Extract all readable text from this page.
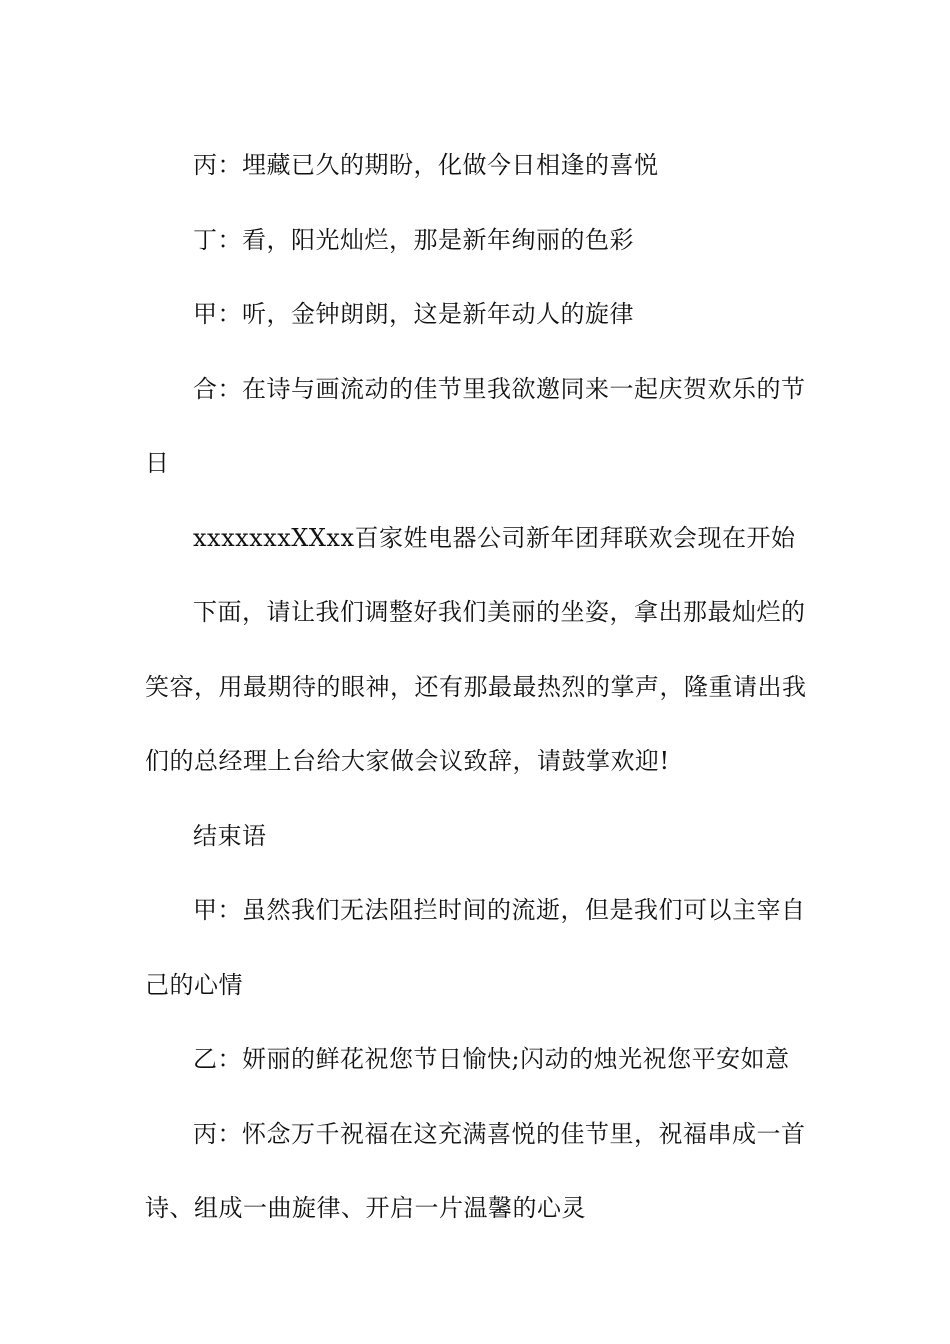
丙：埋藏已久的期盼，化做今日相逢的喜悦

丁：看，阳光灿烂，那是新年绚丽的色彩

甲：听，金钟朗朗，这是新年动人的旋律

合：在诗与画流动的佳节里我欲邀同来一起庆贺欢乐的节日

xxxxxxxXXxx百家姓电器公司新年团拜联欢会现在开始

下面，请让我们调整好我们美丽的坐姿，拿出那最灿烂的笑容，用最期待的眼神，还有那最最热烈的掌声，隆重请出我们的总经理上台给大家做会议致辞，请鼓掌欢迎!

结束语

甲：虽然我们无法阻拦时间的流逝，但是我们可以主宰自己的心情

乙：妍丽的鲜花祝您节日愉快;闪动的烛光祝您平安如意

丙：怀念万千祝福在这充满喜悦的佳节里，祝福串成一首诗、组成一曲旋律、开启一片温馨的心灵
